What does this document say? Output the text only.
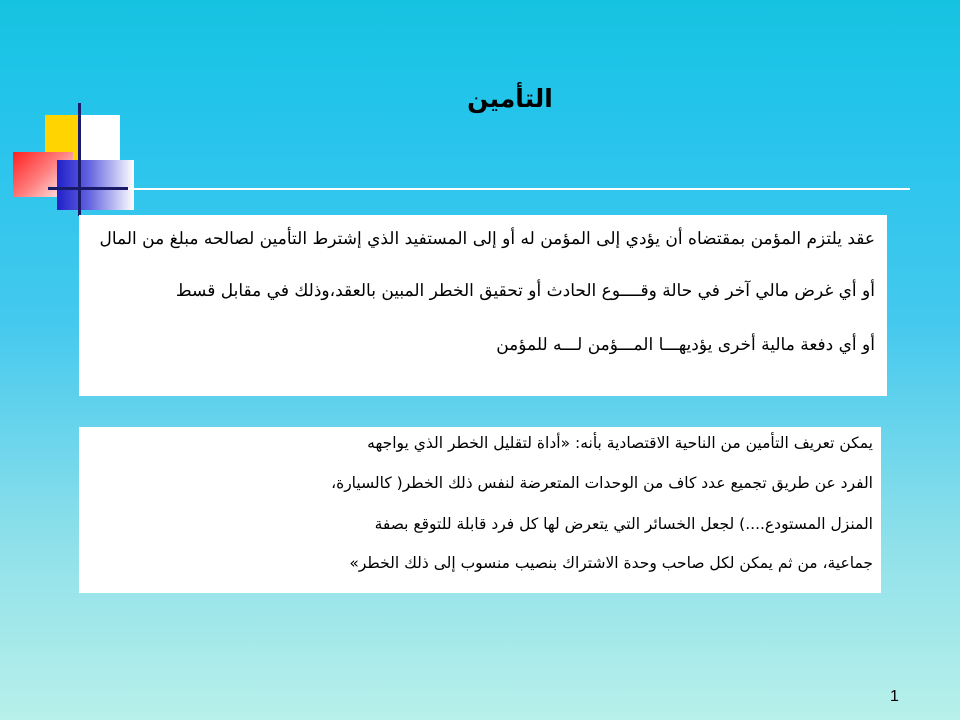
التأمين
عقد يلتزم المؤمن بمقتضاه أن يؤدي إلى المؤمن له أو إلى المستفيد الذي إشترط التأمين لصالحه مبلغ من المال
أو أي غرض مالي آخر في حالة وقــــوع الحادث أو تحقيق الخطر المبين بالعقد،وذلك في مقابل قسط
أو أي دفعة مالية أخرى يؤديهـــا المـــؤمن لـــه للمؤمن
يمكن تعريف التأمين من الناحية الاقتصادية بأنه: «أداة لتقليل الخطر الذي يواجهه
الفرد عن طريق تجميع عدد كاف من الوحدات المتعرضة لنفس ذلك الخطر( كالسيارة،
المنزل المستودع....) لجعل الخسائر التي يتعرض لها كل فرد قابلة للتوقع بصفة
جماعية، من ثم يمكن لكل صاحب وحدة الاشتراك بنصيب منسوب إلى ذلك الخطر»
1
